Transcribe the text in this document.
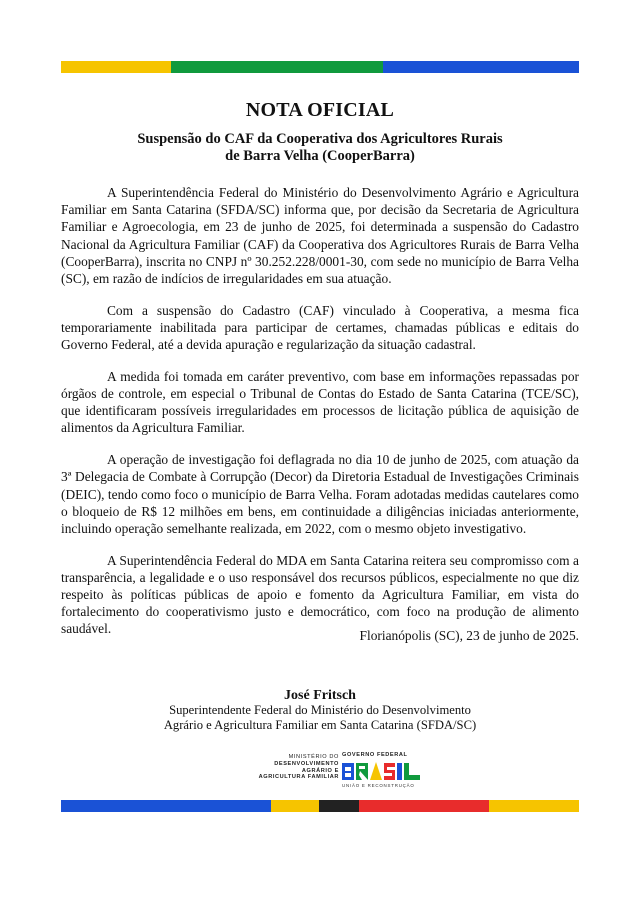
NOTA OFICIAL
Suspensão do CAF da Cooperativa dos Agricultores Rurais
de Barra Velha (CooperBarra)

A Superintendência Federal do Ministério do Desenvolvimento Agrário e Agricultura Familiar em Santa Catarina (SFDA/SC) informa que, por decisão da Secretaria de Agricultura Familiar e Agroecologia, em 23 de junho de 2025, foi determinada a suspensão do Cadastro Nacional da Agricultura Familiar (CAF) da Cooperativa dos Agricultores Rurais de Barra Velha (CooperBarra), inscrita no CNPJ nº 30.252.228/0001-30, com sede no município de Barra Velha (SC), em razão de indícios de irregularidades em sua atuação.

Com a suspensão do Cadastro (CAF) vinculado à Cooperativa, a mesma fica temporariamente inabilitada para participar de certames, chamadas públicas e editais do Governo Federal, até a devida apuração e regularização da situação cadastral.

A medida foi tomada em caráter preventivo, com base em informações repassadas por órgãos de controle, em especial o Tribunal de Contas do Estado de Santa Catarina (TCE/SC), que identificaram possíveis irregularidades em processos de licitação pública de aquisição de alimentos da Agricultura Familiar.

A operação de investigação foi deflagrada no dia 10 de junho de 2025, com atuação da 3ª Delegacia de Combate à Corrupção (Decor) da Diretoria Estadual de Investigações Criminais (DEIC), tendo como foco o município de Barra Velha. Foram adotadas medidas cautelares como o bloqueio de R$ 12 milhões em bens, em continuidade a diligências iniciadas anteriormente, incluindo operação semelhante realizada, em 2022, com o mesmo objeto investigativo.

A Superintendência Federal do MDA em Santa Catarina reitera seu compromisso com a transparência, a legalidade e o uso responsável dos recursos públicos, especialmente no que diz respeito às políticas públicas de apoio e fomento da Agricultura Familiar, em vista do fortalecimento do cooperativismo justo e democrático, com foco na produção de alimento saudável.	Florianópolis (SC), 23 de junho de 2025.
José Fritsch
Superintendente Federal do Ministério do Desenvolvimento
Agrário e Agricultura Familiar em Santa Catarina (SFDA/SC)
MINISTÉRIO DO
DESENVOLVIMENTO
AGRÁRIO E
AGRICULTURA FAMILIAR
GOVERNO FEDERAL
UNIÃO E RECONSTRUÇÃO
